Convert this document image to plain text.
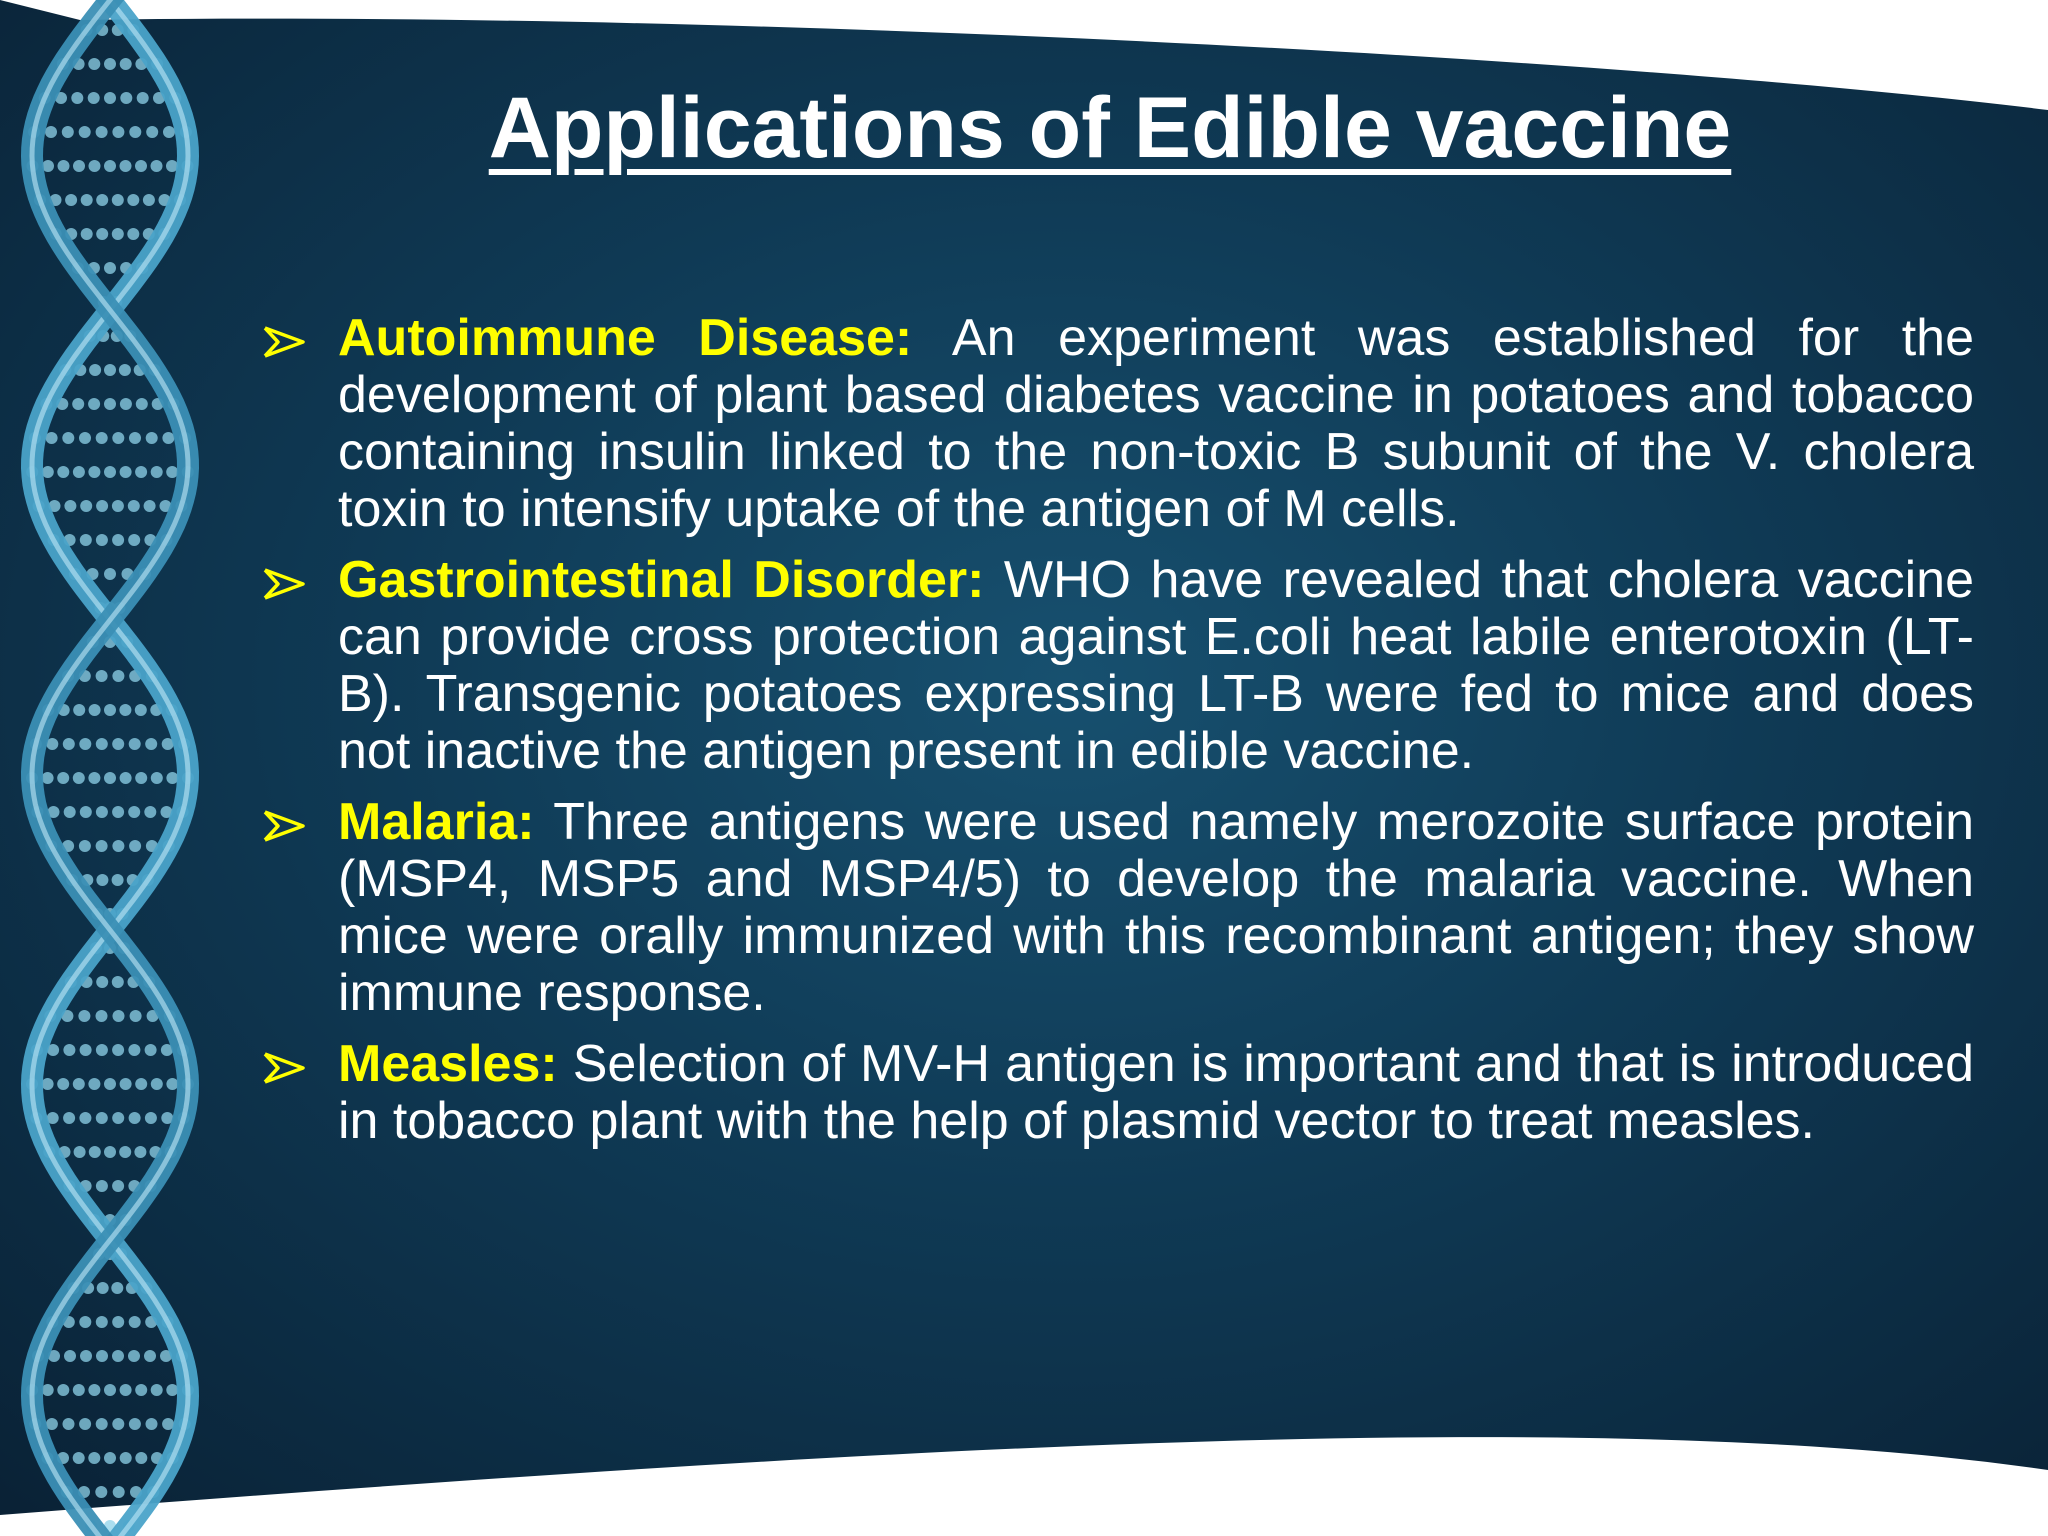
Applications of Edible vaccine
Autoimmune Disease: An experiment was established for the development of plant based diabetes vaccine in potatoes and tobacco containing insulin linked to the non-toxic B subunit of the V. cholera toxin to intensify uptake of the antigen of M cells.
Gastrointestinal Disorder: WHO have revealed that cholera vaccine can provide cross protection against E.coli heat labile enterotoxin (LT-B). Transgenic potatoes expressing LT-B were fed to mice and does not inactive the antigen present in edible vaccine.
Malaria: Three antigens were used namely merozoite surface protein (MSP4, MSP5 and MSP4/5) to develop the malaria vaccine. When mice were orally immunized with this recombinant antigen; they show immune response.
Measles: Selection of MV-H antigen is important and that is introduced in tobacco plant with the help of plasmid vector to treat measles.
